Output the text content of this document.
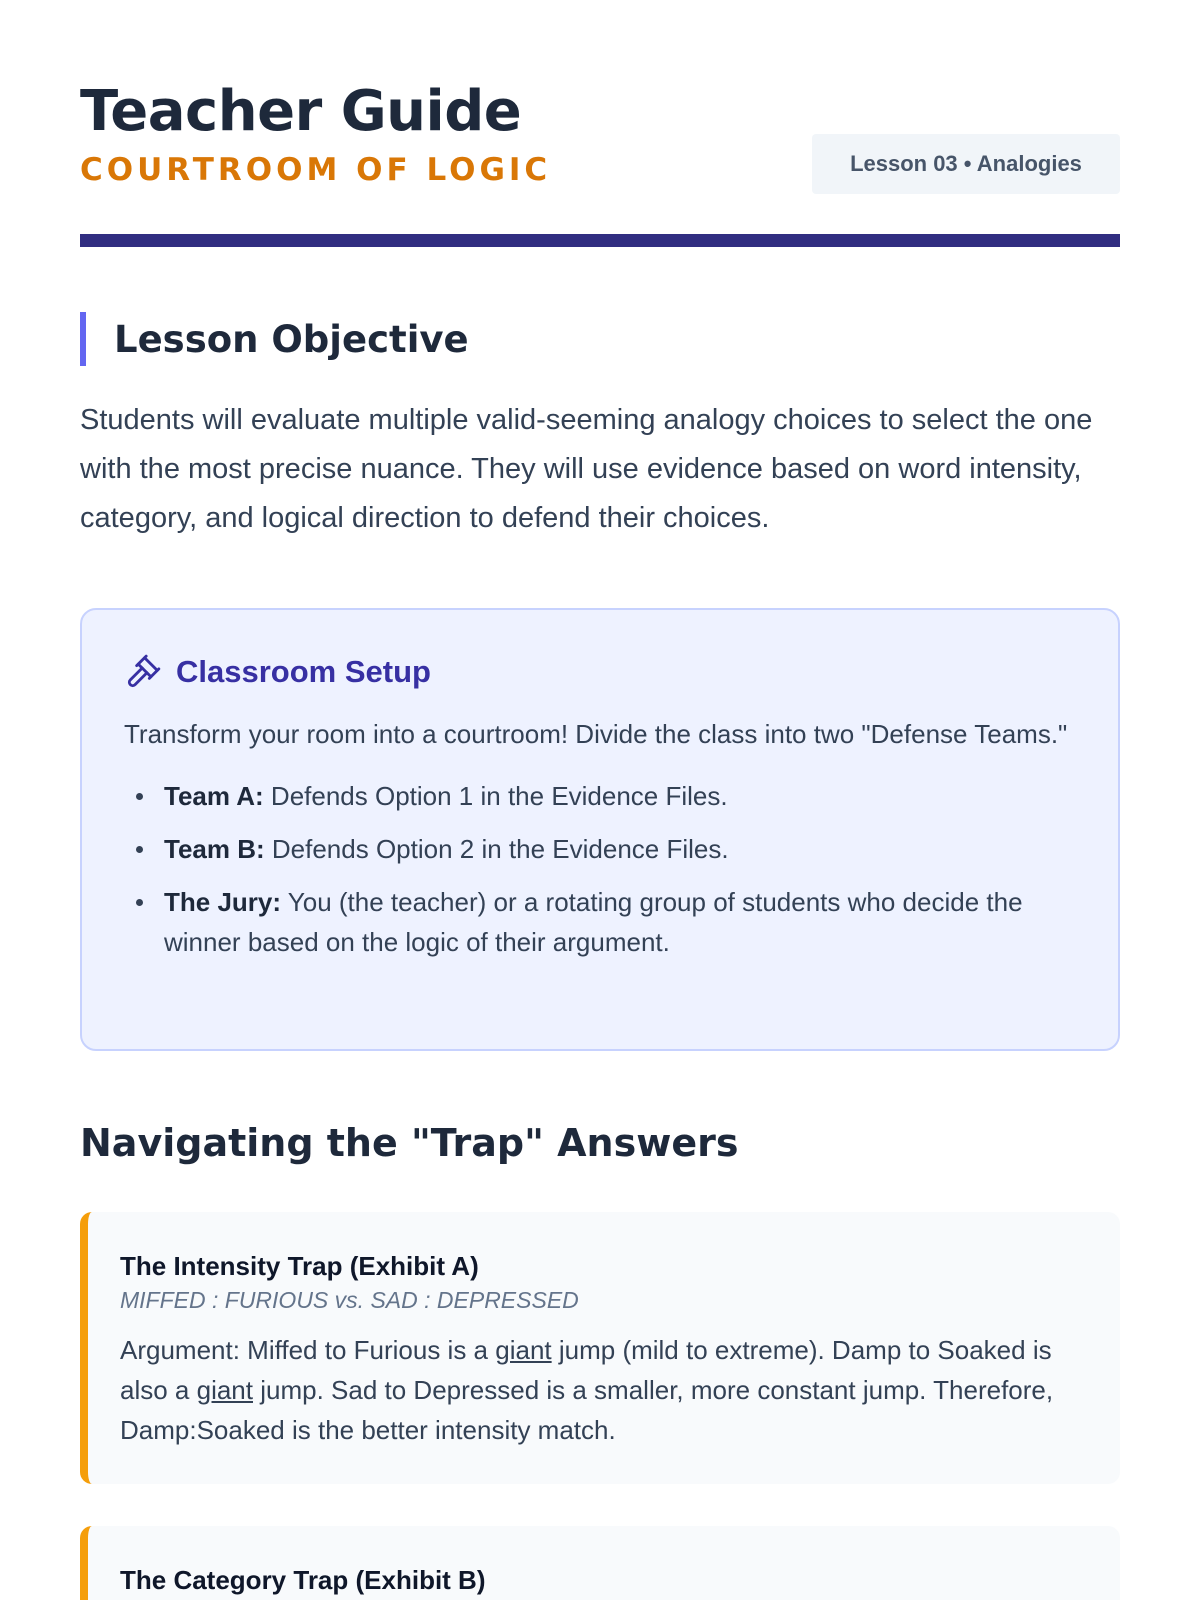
Teacher Guide
COURTROOM OF LOGIC	Lesson 03 • Analogies
Lesson Objective

Students will evaluate multiple valid-seeming analogy choices to select the one with the most precise nuance. They will use evidence based on word intensity, category, and logical direction to defend their choices.

Classroom Setup

Transform your room into a courtroom! Divide the class into two "Defense Teams."

Team A: Defends Option 1 in the Evidence Files.
Team B: Defends Option 2 in the Evidence Files.
The Jury: You (the teacher) or a rotating group of students who decide the winner based on the logic of their argument.
Navigating the "Trap" Answers
The Intensity Trap (Exhibit A)
MIFFED : FURIOUS vs. SAD : DEPRESSED

Argument: Miffed to Furious is a giant jump (mild to extreme). Damp to Soaked is also a giant jump. Sad to Depressed is a smaller, more constant jump. Therefore, Damp:Soaked is the better intensity match.

The Category Trap (Exhibit B)
